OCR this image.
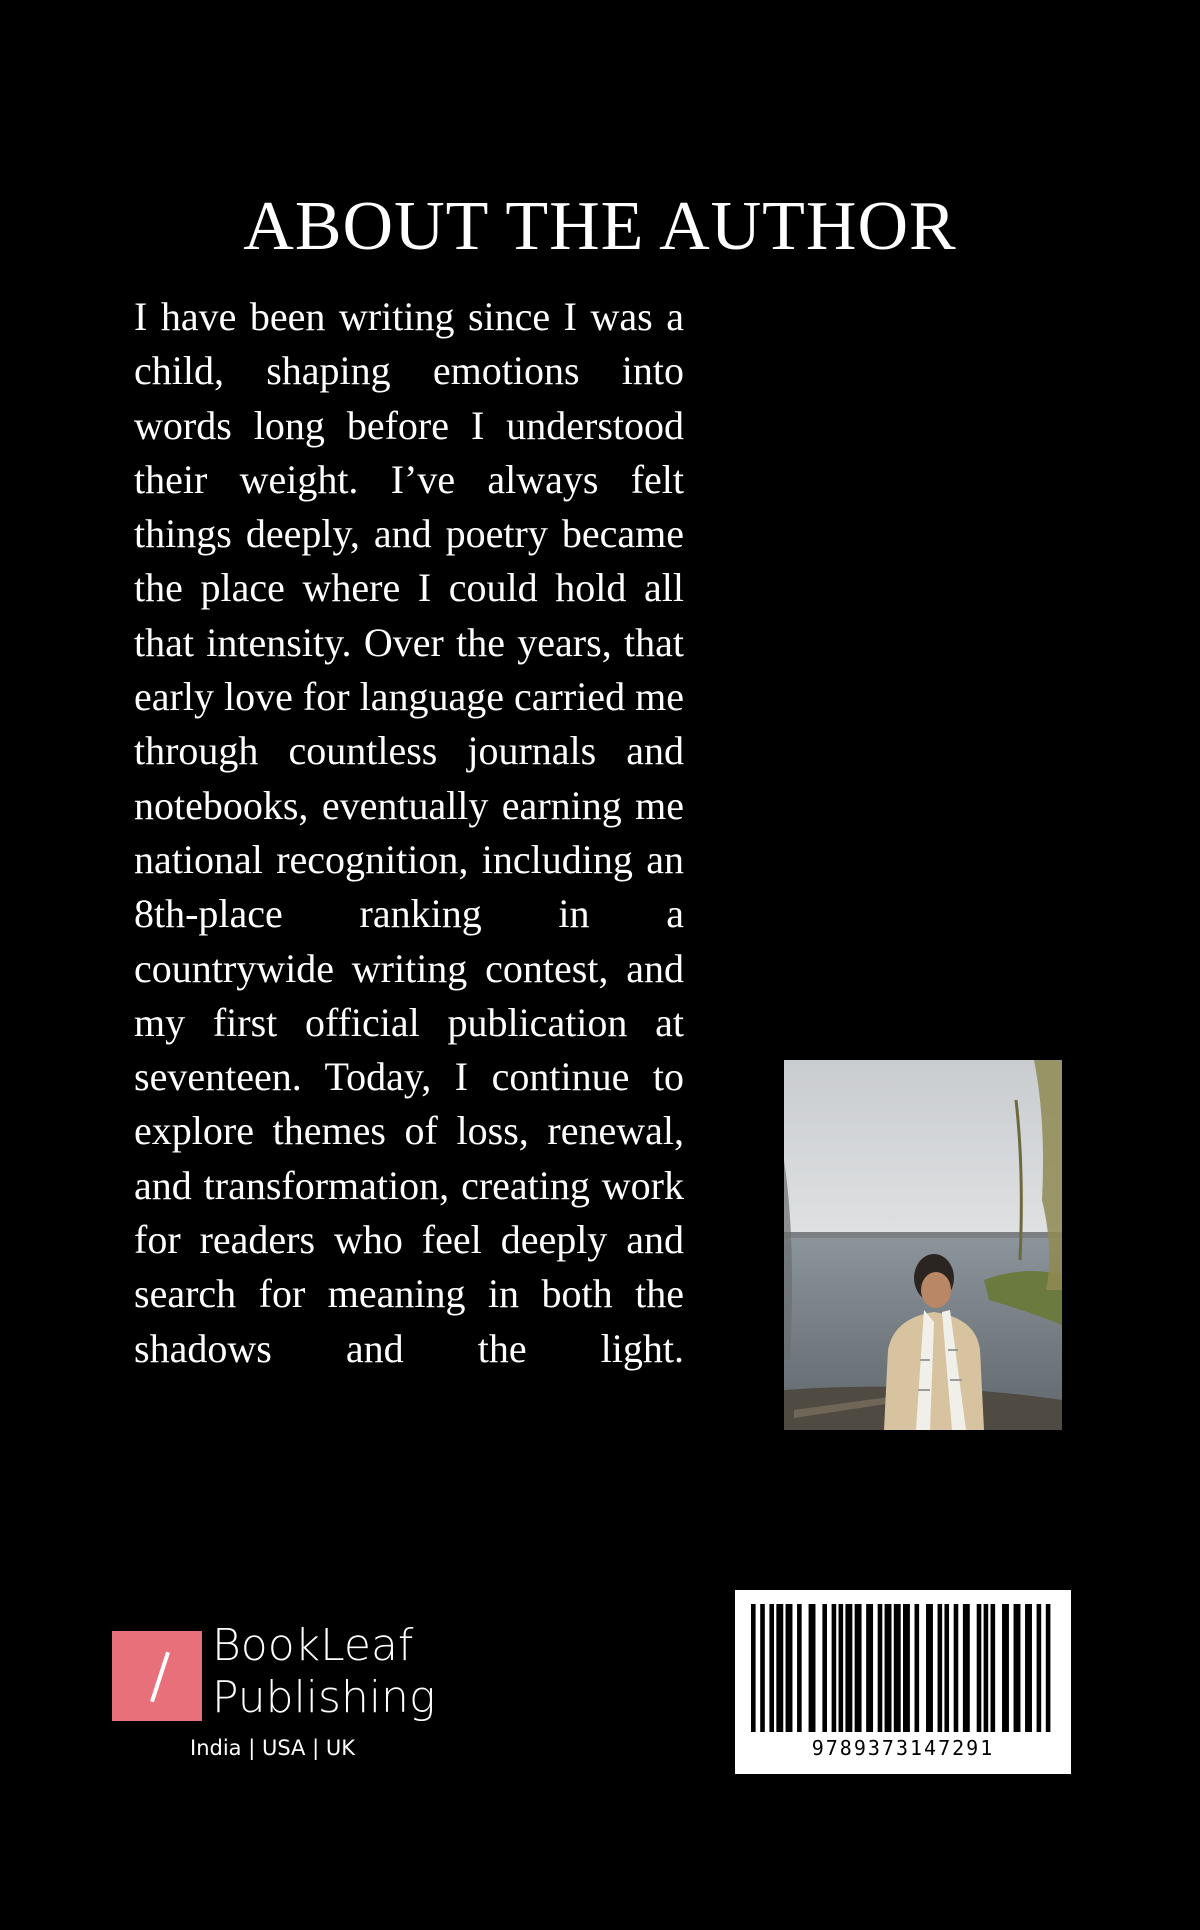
ABOUT THE AUTHOR

I have been writing since I was a child, shaping emotions into words long before I understood their weight. I’ve always felt things deeply, and poetry became the place where I could hold all that intensity. Over the years, that early love for language carried me through countless journals and notebooks, eventually earning me national recognition, including an 8th-place ranking in a countrywide writing contest, and my first official publication at seventeen. Today, I continue to explore themes of loss, renewal, and transformation, creating work for readers who feel deeply and search for meaning in both the shadows and the light.

BookLeaf
Publishing
India | USA | UK	9789373147291
